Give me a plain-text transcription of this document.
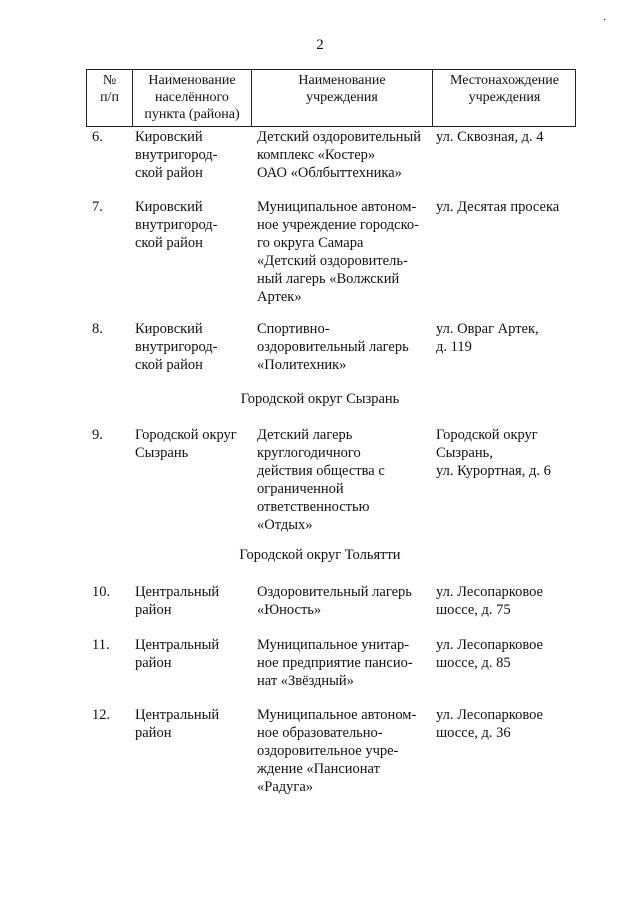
·
2
№
п/п
Наименование
населённого
пункта (района)
Наименование
учреждения
Местонахождение
учреждения
6. Кировский
внутригород-
ской район
Детский оздоровительный
комплекс «Костер»
ОАО «Облбыттехника»
ул. Сквозная, д. 4
7. Кировский
внутригород-
ской район
Муниципальное автоном-
ное учреждение городско-
го округа Самара
«Детский оздоровитель-
ный лагерь «Волжский
Артек»
ул. Десятая просека
8. Кировский
внутригород-
ской район
Спортивно-
оздоровительный лагерь
«Политехник»
ул. Овраг Артек,
д. 119
Городской округ Сызрань
9. Городской округ
Сызрань
Детский лагерь
круглогодичного
действия общества с
ограниченной
ответственностью
«Отдых»
Городской округ
Сызрань,
ул. Курортная, д. 6
Городской округ Тольятти
10. Центральный
район
Оздоровительный лагерь
«Юность»
ул. Лесопарковое
шоссе, д. 75
11. Центральный
район
Муниципальное унитар-
ное предприятие пансио-
нат «Звёздный»
ул. Лесопарковое
шоссе, д. 85
12. Центральный
район
Муниципальное автоном-
ное образовательно-
оздоровительное учре-
ждение «Пансионат
«Радуга»
ул. Лесопарковое
шоссе, д. 36
